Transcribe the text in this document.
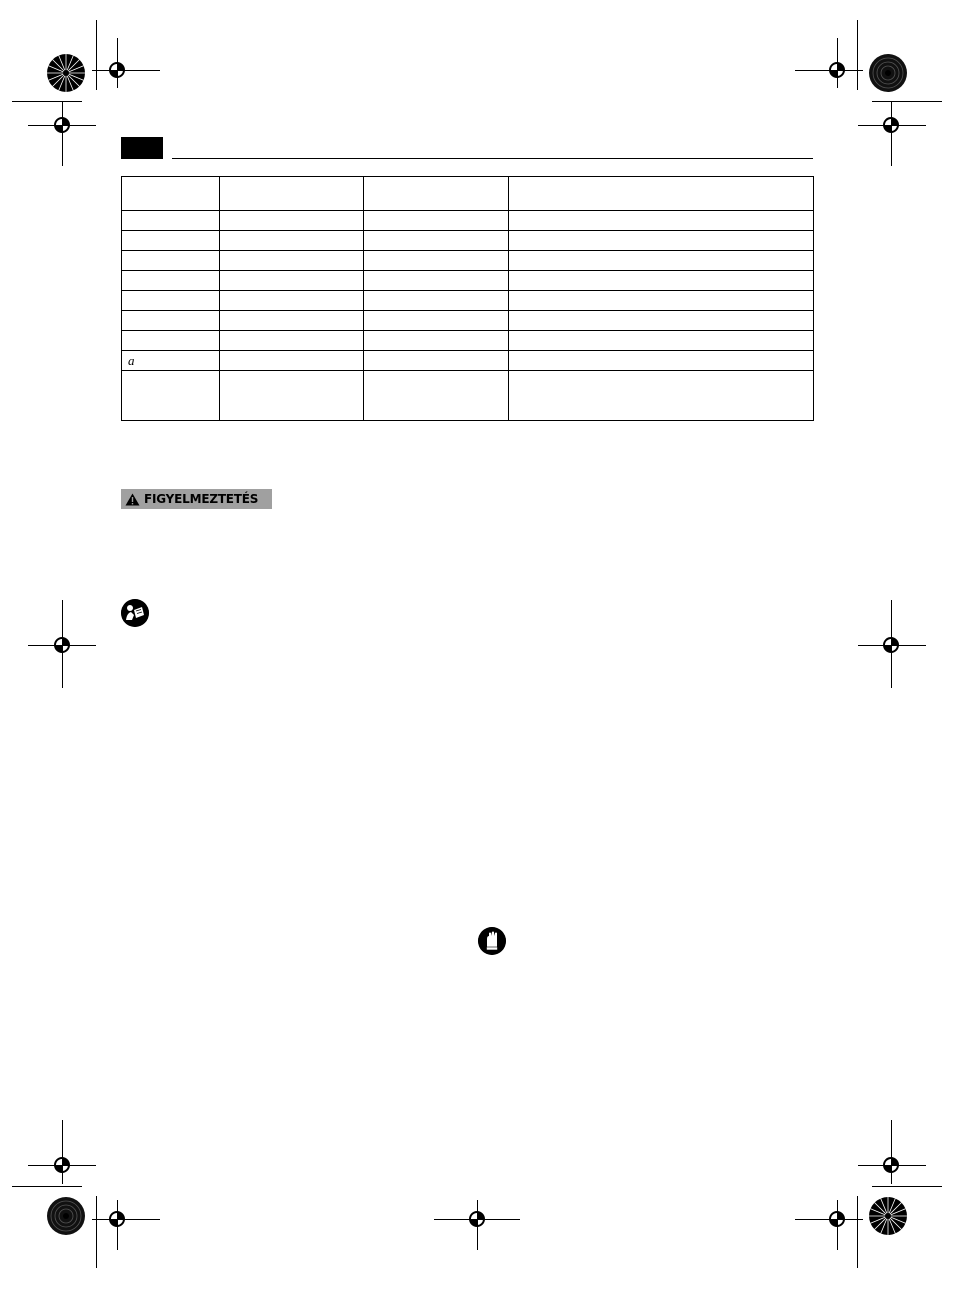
a			

FIGYELMEZTETÉS
